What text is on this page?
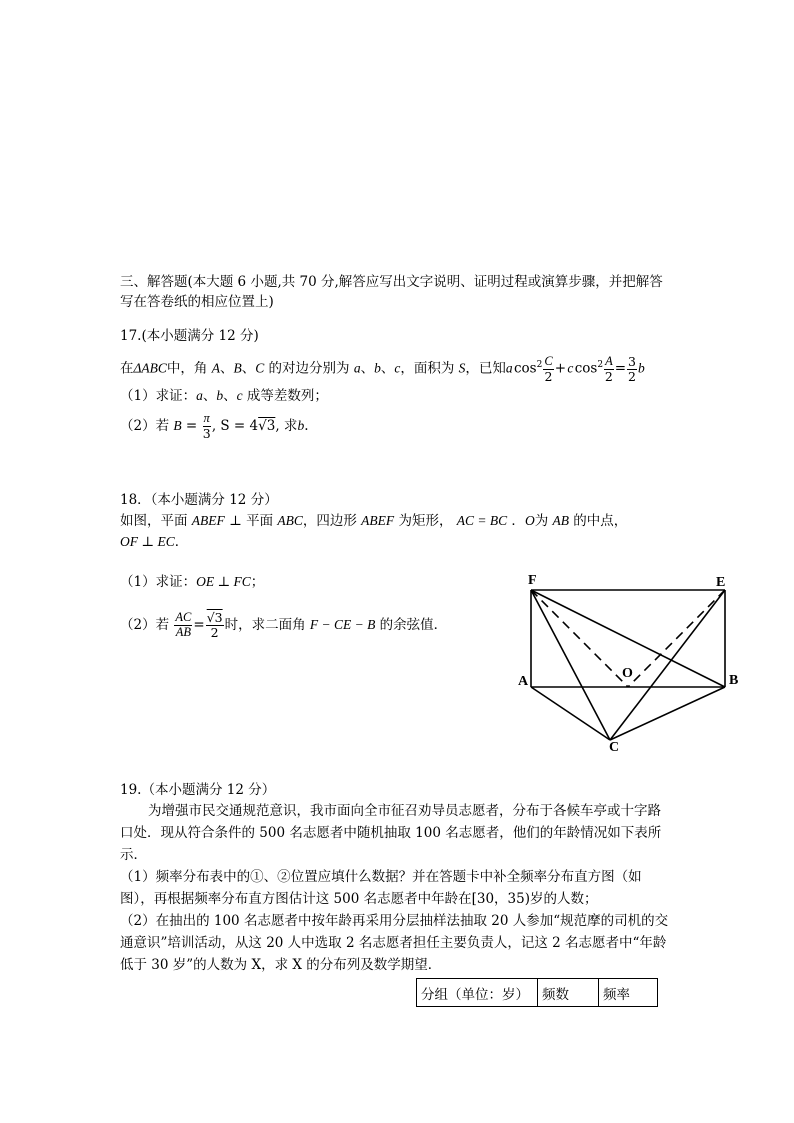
三、解答题(本大题 6 小题,共 70 分,解答应写出文字说明、证明过程或演算步骤，并把解答
写在答卷纸的相应位置上)
17.(本小题满分 12 分)
在ΔABC中，角 A、B、C 的对边分别为 a、b、c，面积为 S，已知a $\cos^2 \frac{C}{2}$ + c $\cos^2 \frac{A}{2} = \frac{3}{2}$ b
（1）求证：a、b、c 成等差数列；
（2）若 $B = \frac{\pi}{3}$ , S = 4√3, 求b.
18．（本小题满分 12 分）
如图，平面 ABEF ⊥ 平面 ABC，四边形 ABEF 为矩形， AC = BC ．O为 AB 的中点，
OF ⊥ EC．
（1）求证：OE ⊥ FC；
（2）若 $\frac{AC}{AB} = \frac{√3}{2}$ 时，求二面角 F − CE − B 的余弦值．
F	E
A	B
O
C
19.（本小题满分 12 分）
为增强市民交通规范意识，我市面向全市征召劝导员志愿者，分布于各候车亭或十字路
口处．现从符合条件的 500 名志愿者中随机抽取 100 名志愿者，他们的年龄情况如下表所
示．
（1）频率分布表中的①、②位置应填什么数据？并在答题卡中补全频率分布直方图（如
图），再根据频率分布直方图估计这 500 名志愿者中年龄在[30，35)岁的人数；
（2）在抽出的 100 名志愿者中按年龄再采用分层抽样法抽取 20 人参加“规范摩的司机的交
通意识”培训活动，从这 20 人中选取 2 名志愿者担任主要负责人，记这 2 名志愿者中“年龄
低于 30 岁”的人数为 X，求 X 的分布列及数学期望．
分组（单位：岁）	频数	频率
